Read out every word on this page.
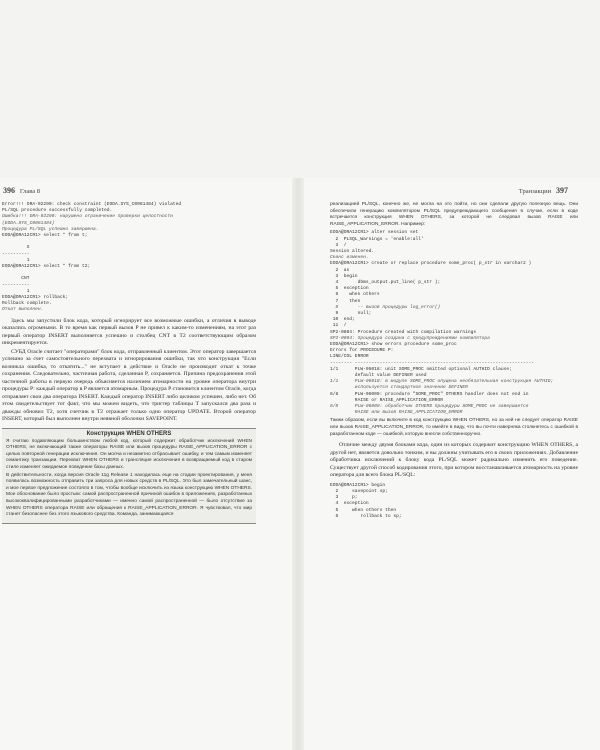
396 Глава 8
Error!!! ORA-02290: check constraint (EODA.SYS_C0061484) violated
PL/SQL procedure successfully completed.
Ошибка!!! ORA-02290: нарушено ограничение проверки целостности
(EODA.SYS_C0061484)
Процедура PL/SQL успешно завершена.
EODA@ORA12CR1> select * from t;

X
----------
1
EODA@ORA12CR1> select * from t2;

CNT
----------
1
EODA@ORA12CR1> rollback;
Rollback complete.
Откат выполнен.

Здесь мы запустили блок кода, который игнорирует все возможные ошибки, а отличия в выводе оказались огромными. В то время как первый вызов P не привел к каким-то изменениям, на этот раз первый оператор INSERT выполняется успешно и столбец CNT в T2 соответствующим образом инкрементируется.

СУБД Oracle считает "операторами" блок кода, отправленный клиентом. Этот оператор завершается успешно за счет самостоятельного перехвата и игнорирования ошибки, так что конструкция "Если возникла ошибка, то откатить..." не вступает в действие и Oracle не производит откат к точке сохранения. Следовательно, частичная работа, сделанная P, сохраняется. Причина предохранения этой частичной работы в первую очередь объясняется наличием атомарности на уровне оператора внутри процедуры P: каждый оператор в P является атомарным. Процедура P становится клиентом Oracle, когда отправляет свои два оператора INSERT. Каждый оператор INSERT либо целиком успешен, либо нет. Об этом свидетельствует тот факт, что мы можем видеть, что триггер таблицы T запускался два раза и дважды обновил T2, хотя счетчик в T2 отражает только одно оператор UPDATE. Второй оператор INSERT, который был выполнен внутри неявной оболочки SAVEPOINT.

Конструкция WHEN OTHERS

Я считаю подавляющим большинством любой код, который содержит обработчик исключений WHEN OTHERS, не включающий также операторы RAISE или вызов процедуры RAISE_APPLICATION_ERROR с целью повторной генерации исключения. Он молча и незаметно отбрасывает ошибку, и тем самым изменяет семантику транзакции. Перехват WHEN OTHERS и трансляция исключения в возвращаемый код в старом стиле изменяет ожидаемое поведение базы данных.

В действительности, когда версия Oracle 11g Release 1 находилась еще на стадии проектирования, у меня появилась возможность отправить три запроса для новых средств в PL/SQL. Это был замечательный шанс, и мое первое предложение состояло в том, чтобы вообще исключить из языка конструкцию WHEN OTHERS. Мое обоснование было простым: самой распространенной причиной ошибок в приложениях, разработанных высококвалифицированными разработчиками — именно самой распространенной — было отсутствие за WHEN OTHERS оператора RAISE или обращения к RAISE_APPLICATION_ERROR. Я чувствовал, что мир станет безопаснее без этого языкового средства. Команда, занимающаяся

Транзакции 397

реализацией PL/SQL, конечно же, не могла на это пойти, но они сделали другую полезную вещь. Они обеспечили генерацию компилятором PL/SQL предупреждающего сообщения в случае, если в коде встречается конструкция WHEN OTHERS, за которой не следовал вызов RAISE или RAISE_APPLICATION_ERROR. Например:

EODA@ORA12CR1> alter session set
2  PLSQL_Warnings = 'enable:all'
3  /
Session altered.
Сеанс изменен.
EODA@ORA12CR1> create or replace procedure some_proc( p_str in varchar2 )
2  as
3  begin
4       dbms_output.put_line( p_str );
5  exception
6    when others
7    then
8       -- вызов процедуры log_error()
9       null;
10  end;
11  /
SP2-0804: Procedure created with compilation warnings
SP2-0804: процедура создана с предупреждениями компилятора
EODA@ORA12CR1> show errors procedure some_proc
Errors for PROCEDURE P:
LINE/COL ERROR
-------- -----------------------------------------------------------------
1/1      PLW-05018: unit SOME_PROC omitted optional AUTHID clause;
default value DEFINER used
1/1      PLW-05018: в модуле SOME_PROC опущена необязательная конструкция AUTHID;
используется стандартное значение DEFINER
6/8      PLW-06009: procedure "SOME_PROC" OTHERS handler does not end in
RAISE or RAISE_APPLICATION_ERROR
6/8      PLW-06009: обработчик OTHERS процедуры SOME_PROC не завершается
RAISE или вызов RAISE_APPLICATION_ERROR

Таким образом, если вы включите в код конструкцию WHEN OTHERS, но за ней не следует оператор RAISE или вызов RAISE_APPLICATION_ERROR, то имейте в виду, что вы почти наверняка столкнетесь с ошибкой в разработанном коде — ошибкой, которую внесли собственноручно.

Отличие между двумя блоками кода, один из которых содержит конструкцию WHEN OTHERS, а другой нет, является довольно тонким, и вы должны учитывать его в своих приложениях. Добавление обработчика исключений к блоку кода PL/SQL может радикально изменить его поведение. Существует другой способ кодирования этого, при котором восстанавливается атомарность на уровне оператора для всего блока PL/SQL:

EODA@ORA12CR1> begin
2     savepoint sp;
3     p;
4  exception
5     when others then
6        rollback to sp;
